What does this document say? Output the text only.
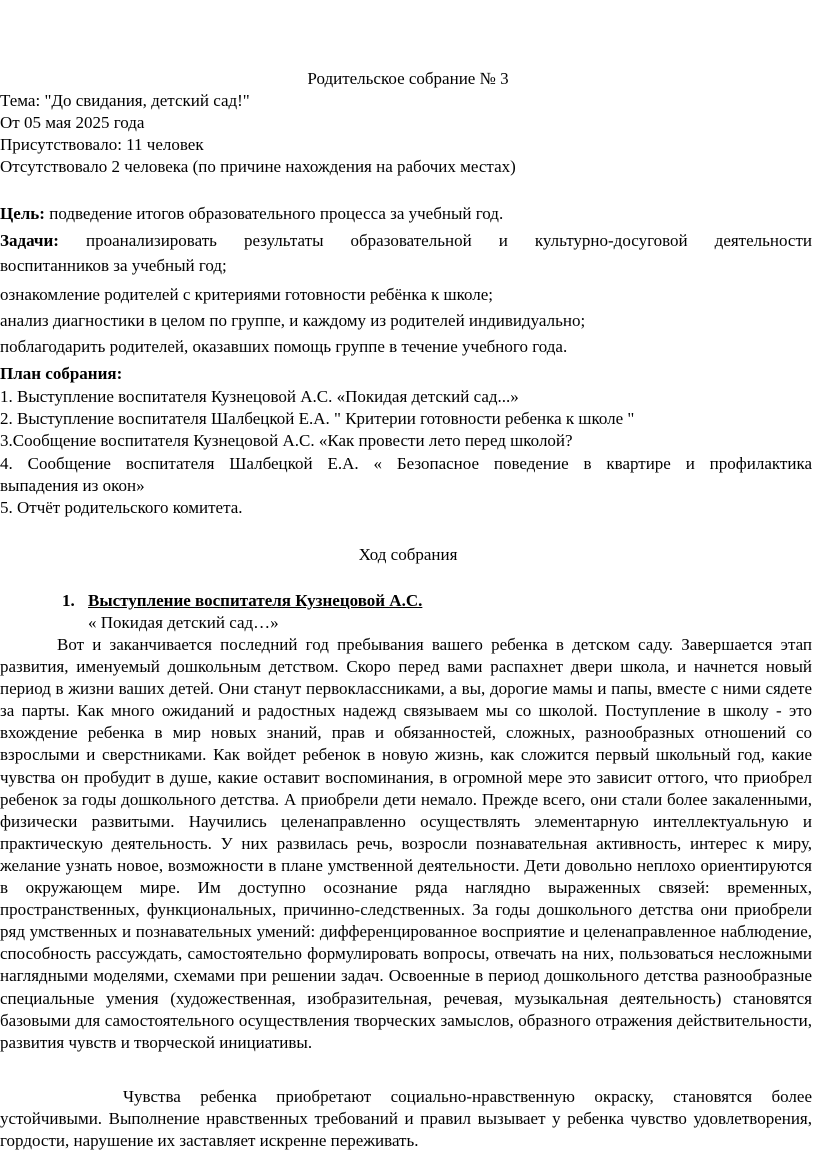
Родительское собрание № 3
Тема: "До свидания, детский сад!"
От 05 мая 2025 года
Присутствовало: 11 человек
Отсутствовало 2 человека (по причине нахождения на рабочих местах)
Цель: подведение итогов образовательного процесса за учебный год.
Задачи: проанализировать результаты образовательной и культурно-досуговой деятельности
воспитанников за учебный год;
ознакомление родителей с критериями готовности ребёнка к школе;
анализ диагностики в целом по группе, и каждому из родителей индивидуально;
поблагодарить родителей, оказавших помощь группе в течение учебного года.
План собрания:
1. Выступление воспитателя Кузнецовой А.С. «Покидая детский сад...»
2. Выступление воспитателя Шалбецкой Е.А. " Критерии готовности ребенка к школе "
3.Сообщение воспитателя Кузнецовой А.С. «Как провести лето перед школой?
4. Сообщение воспитателя Шалбецкой Е.А. « Безопасное поведение в квартире и профилактика
выпадения из окон»
5. Отчёт родительского комитета.
Ход собрания
1. Выступление воспитателя Кузнецовой А.С.
« Покидая детский сад…»
Вот и заканчивается последний год пребывания вашего ребенка в детском саду. Завершается этап развития, именуемый дошкольным детством. Скоро перед вами распахнет двери школа, и начнется новый период в жизни ваших детей. Они станут первоклассниками, а вы, дорогие мамы и папы, вместе с ними сядете за парты. Как много ожиданий и радостных надежд связываем мы со школой. Поступление в школу - это вхождение ребенка в мир новых знаний, прав и обязанностей, сложных, разнообразных отношений со взрослыми и сверстниками. Как войдет ребенок в новую жизнь, как сложится первый школьный год, какие чувства он пробудит в душе, какие оставит воспоминания, в огромной мере это зависит оттого, что приобрел ребенок за годы дошкольного детства. А приобрели дети немало. Прежде всего, они стали более закаленными, физически развитыми. Научились целенаправленно осуществлять элементарную интеллектуальную и практическую деятельность. У них развилась речь, возросли познавательная активность, интерес к миру, желание узнать новое, возможности в плане умственной деятельности. Дети довольно неплохо ориентируются в окружающем мире. Им доступно осознание ряда наглядно выраженных связей: временных, пространственных, функциональных, причинно-следственных. За годы дошкольного детства они приобрели ряд умственных и познавательных умений: дифференцированное восприятие и целенаправленное наблюдение, способность рассуждать, самостоятельно формулировать вопросы, отвечать на них, пользоваться несложными наглядными моделями, схемами при решении задач. Освоенные в период дошкольного детства разнообразные специальные умения (художественная, изобразительная, речевая, музыкальная деятельность) становятся базовыми для самостоятельного осуществления творческих замыслов, образного отражения действительности, развития чувств и творческой инициативы.
Чувства ребенка приобретают социально-нравственную окраску, становятся более устойчивыми. Выполнение нравственных требований и правил вызывает у ребенка чувство удовлетворения, гордости, нарушение их заставляет искренне переживать.
